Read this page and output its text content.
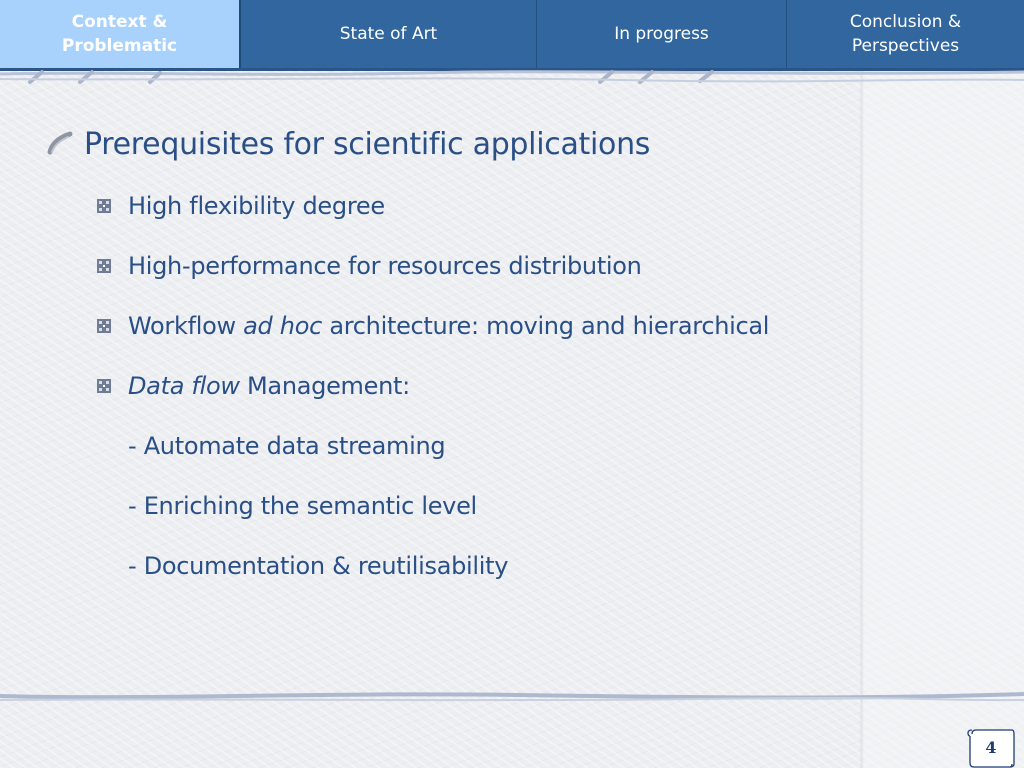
Context &
Problematic
State of Art	In progress
Conclusion &
Perspectives
Prerequisites for scientific applications
High flexibility degree
High-performance for resources distribution
Workflow ad hoc architecture: moving and hierarchical
Data flow Management:
- Automate data streaming
- Enriching the semantic level
- Documentation & reutilisability
4
